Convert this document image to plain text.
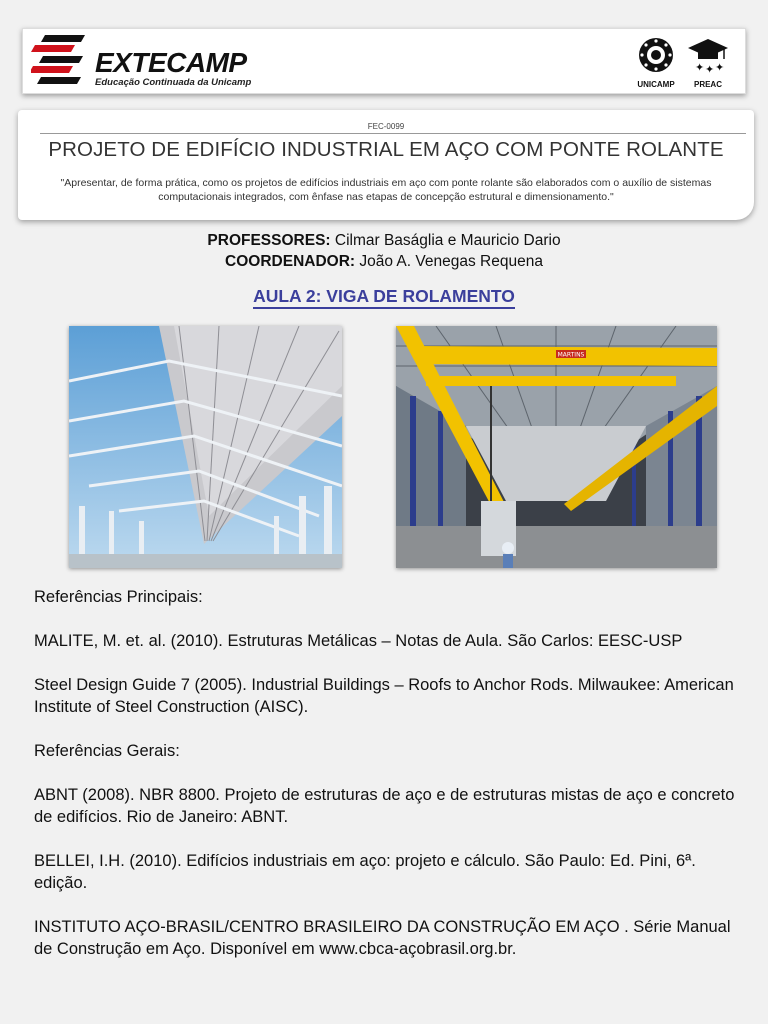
EXTECAMP
Educação Continuada da Unicamp	UNICAMP
✦ ✦ ✦
PREAC
FEC-0099
PROJETO DE EDIFÍCIO INDUSTRIAL EM AÇO COM PONTE ROLANTE
"Apresentar, de forma prática, como os projetos de edifícios industriais em aço com ponte rolante são elaborados com o auxílio de sistemas computacionais integrados, com ênfase nas etapas de concepção estrutural e dimensionamento."
PROFESSORES: Cilmar Baságlia e Mauricio Dario
COORDENADOR: João A. Venegas Requena
AULA 2: VIGA DE ROLAMENTO
MARTINS

Referências Principais:

MALITE, M. et. al. (2010). Estruturas Metálicas – Notas de Aula. São Carlos: EESC-USP

Steel Design Guide 7 (2005). Industrial Buildings – Roofs to Anchor Rods. Milwaukee: American Institute of Steel Construction (AISC).

Referências Gerais:

ABNT (2008). NBR 8800. Projeto de estruturas de aço e de estruturas mistas de aço e concreto de edifícios. Rio de Janeiro: ABNT.

BELLEI, I.H. (2010). Edifícios industriais em aço: projeto e cálculo. São Paulo: Ed. Pini, 6ª. edição.

INSTITUTO AÇO-BRASIL/CENTRO BRASILEIRO DA CONSTRUÇÃO EM AÇO . Série Manual de Construção em Aço. Disponível em www.cbca-açobrasil.org.br.
